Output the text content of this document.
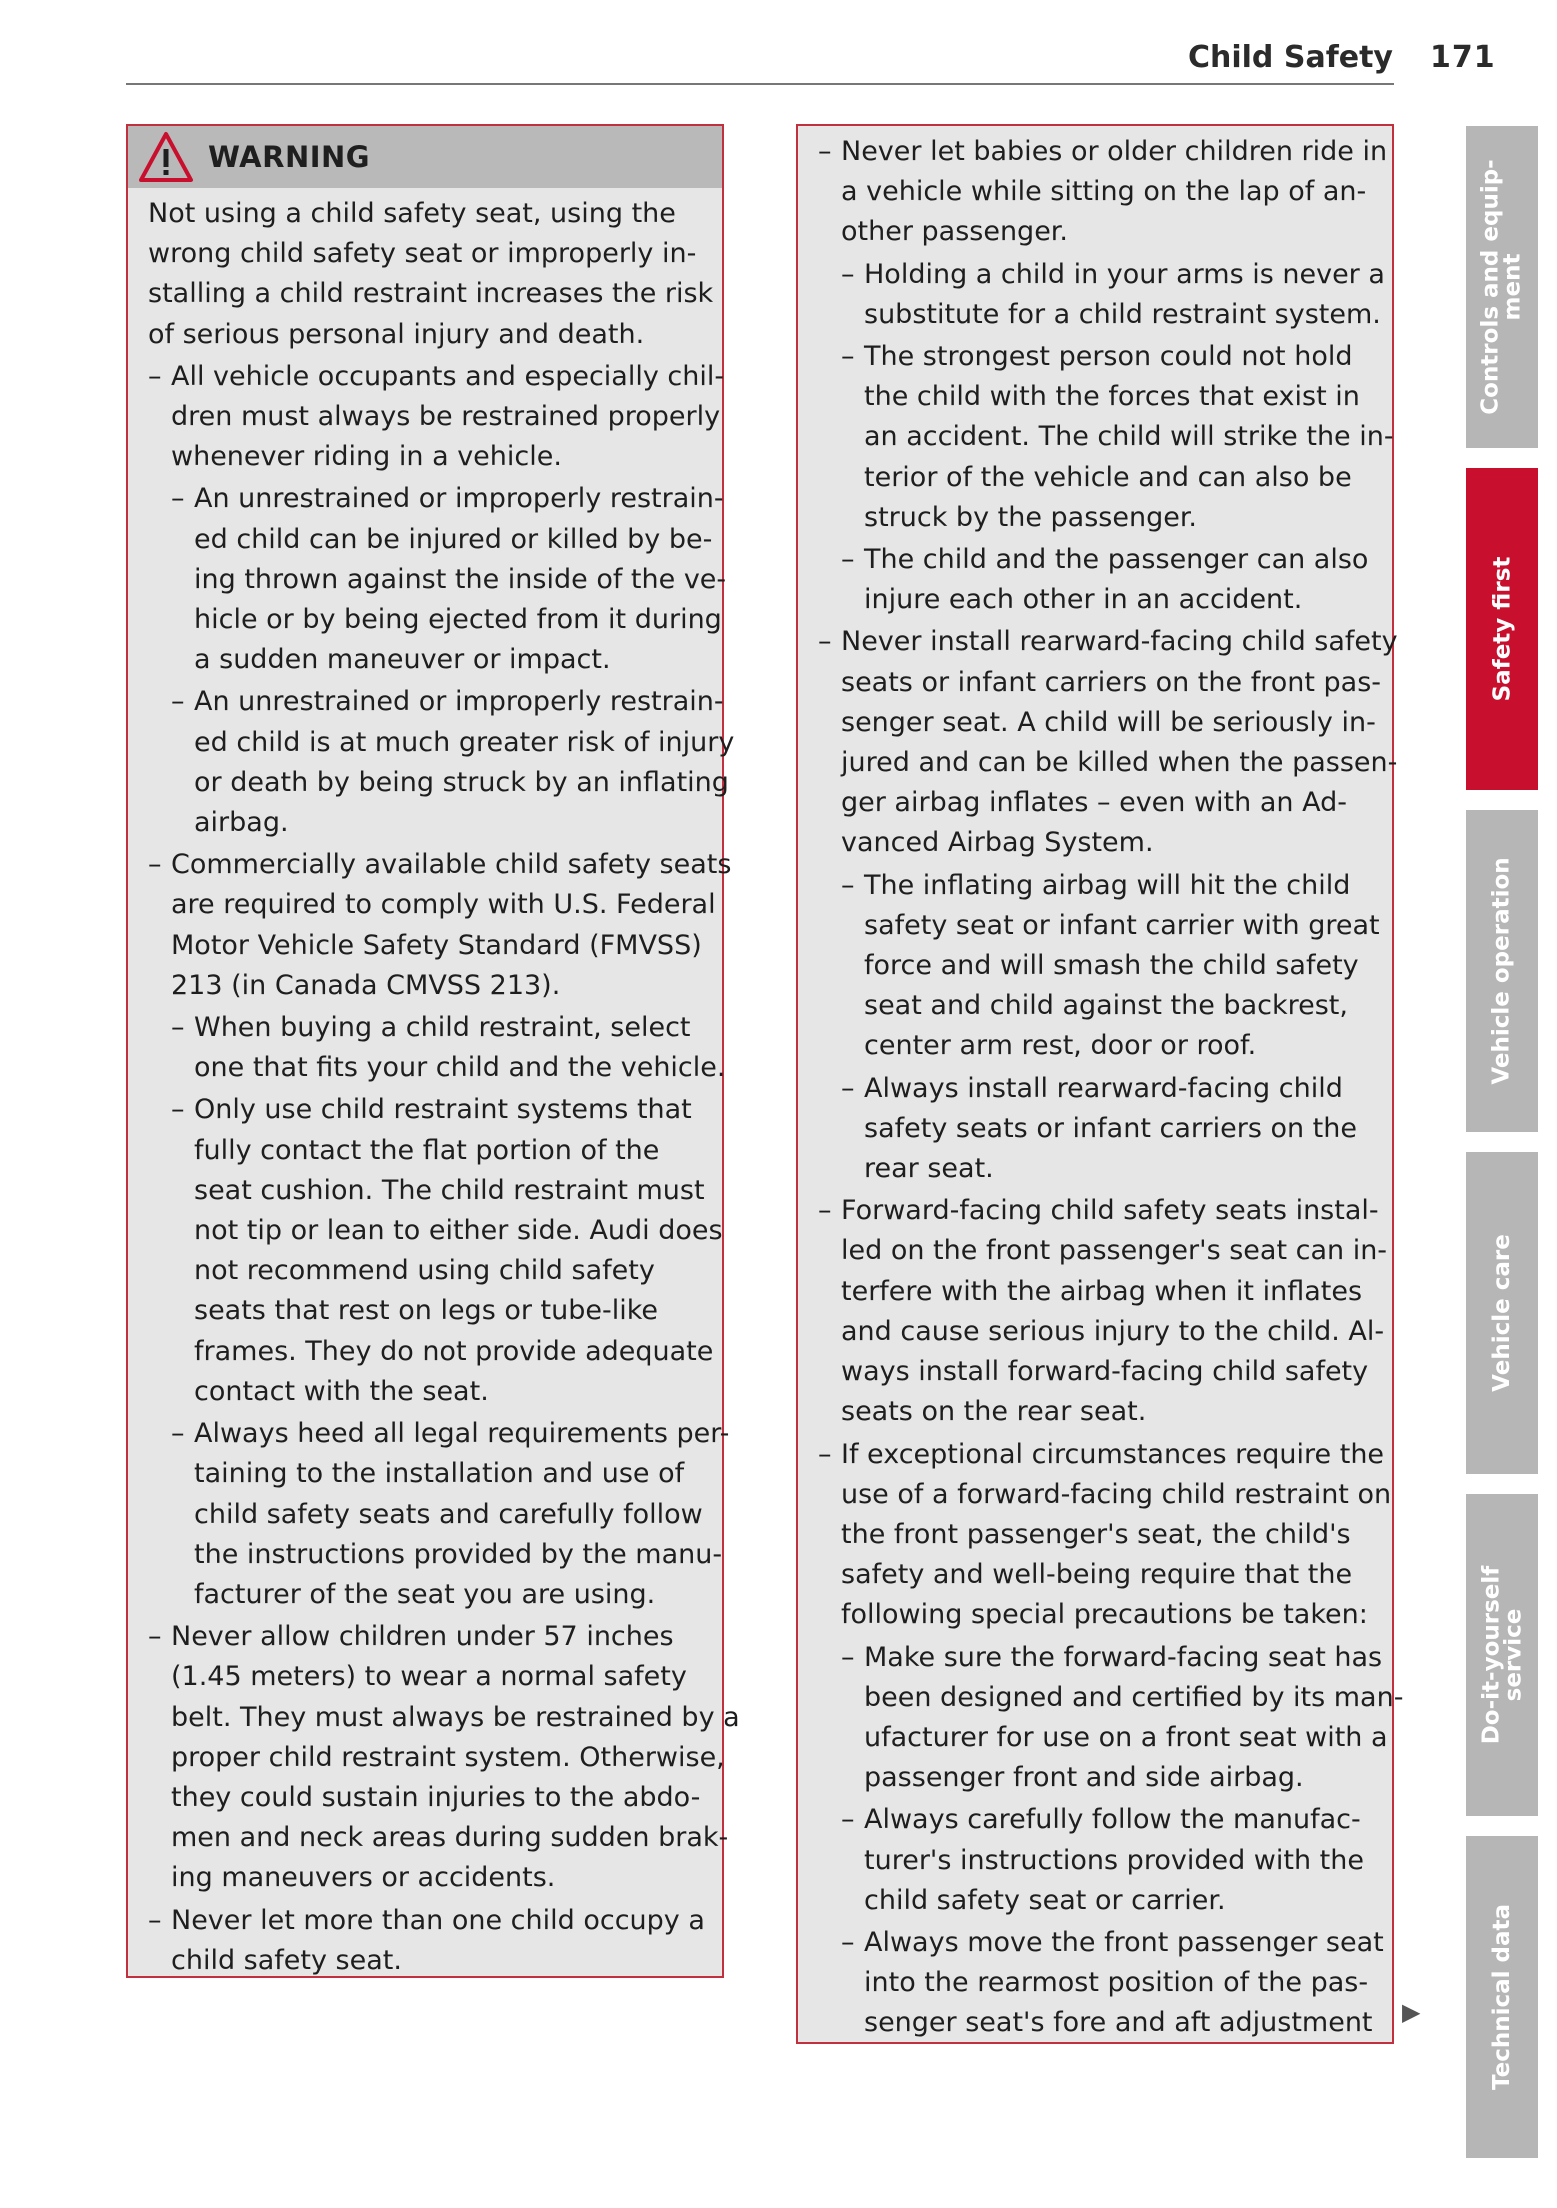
Child Safety 171
WARNING
Not using a child safety seat, using the
wrong child safety seat or improperly in-
stalling a child restraint increases the risk
of serious personal injury and death.
– All vehicle occupants and especially chil-
dren must always be restrained properly
whenever riding in a vehicle.
– An unrestrained or improperly restrain-
ed child can be injured or killed by be-
ing thrown against the inside of the ve-
hicle or by being ejected from it during
a sudden maneuver or impact.
– An unrestrained or improperly restrain-
ed child is at much greater risk of injury
or death by being struck by an inflating
airbag.
– Commercially available child safety seats
are required to comply with U.S. Federal
Motor Vehicle Safety Standard (FMVSS)
213 (in Canada CMVSS 213).
– When buying a child restraint, select
one that fits your child and the vehicle.
– Only use child restraint systems that
fully contact the flat portion of the
seat cushion. The child restraint must
not tip or lean to either side. Audi does
not recommend using child safety
seats that rest on legs or tube-like
frames. They do not provide adequate
contact with the seat.
– Always heed all legal requirements per-
taining to the installation and use of
child safety seats and carefully follow
the instructions provided by the manu-
facturer of the seat you are using.
– Never allow children under 57 inches
(1.45 meters) to wear a normal safety
belt. They must always be restrained by a
proper child restraint system. Otherwise,
they could sustain injuries to the abdo-
men and neck areas during sudden brak-
ing maneuvers or accidents.
– Never let more than one child occupy a
child safety seat.
– Never let babies or older children ride in
a vehicle while sitting on the lap of an-
other passenger.
– Holding a child in your arms is never a
substitute for a child restraint system.
– The strongest person could not hold
the child with the forces that exist in
an accident. The child will strike the in-
terior of the vehicle and can also be
struck by the passenger.
– The child and the passenger can also
injure each other in an accident.
– Never install rearward-facing child safety
seats or infant carriers on the front pas-
senger seat. A child will be seriously in-
jured and can be killed when the passen-
ger airbag inflates – even with an Ad-
vanced Airbag System.
– The inflating airbag will hit the child
safety seat or infant carrier with great
force and will smash the child safety
seat and child against the backrest,
center arm rest, door or roof.
– Always install rearward-facing child
safety seats or infant carriers on the
rear seat.
– Forward-facing child safety seats instal-
led on the front passenger's seat can in-
terfere with the airbag when it inflates
and cause serious injury to the child. Al-
ways install forward-facing child safety
seats on the rear seat.
– If exceptional circumstances require the
use of a forward-facing child restraint on
the front passenger's seat, the child's
safety and well-being require that the
following special precautions be taken:
– Make sure the forward-facing seat has
been designed and certified by its man-
ufacturer for use on a front seat with a
passenger front and side airbag.
– Always carefully follow the manufac-
turer's instructions provided with the
child safety seat or carrier.
– Always move the front passenger seat
into the rearmost position of the pas-
senger seat's fore and aft adjustment
Controls and equip-
ment
Safety first
Vehicle operation
Vehicle care
Do-it-yourself
service
Technical data
▶
